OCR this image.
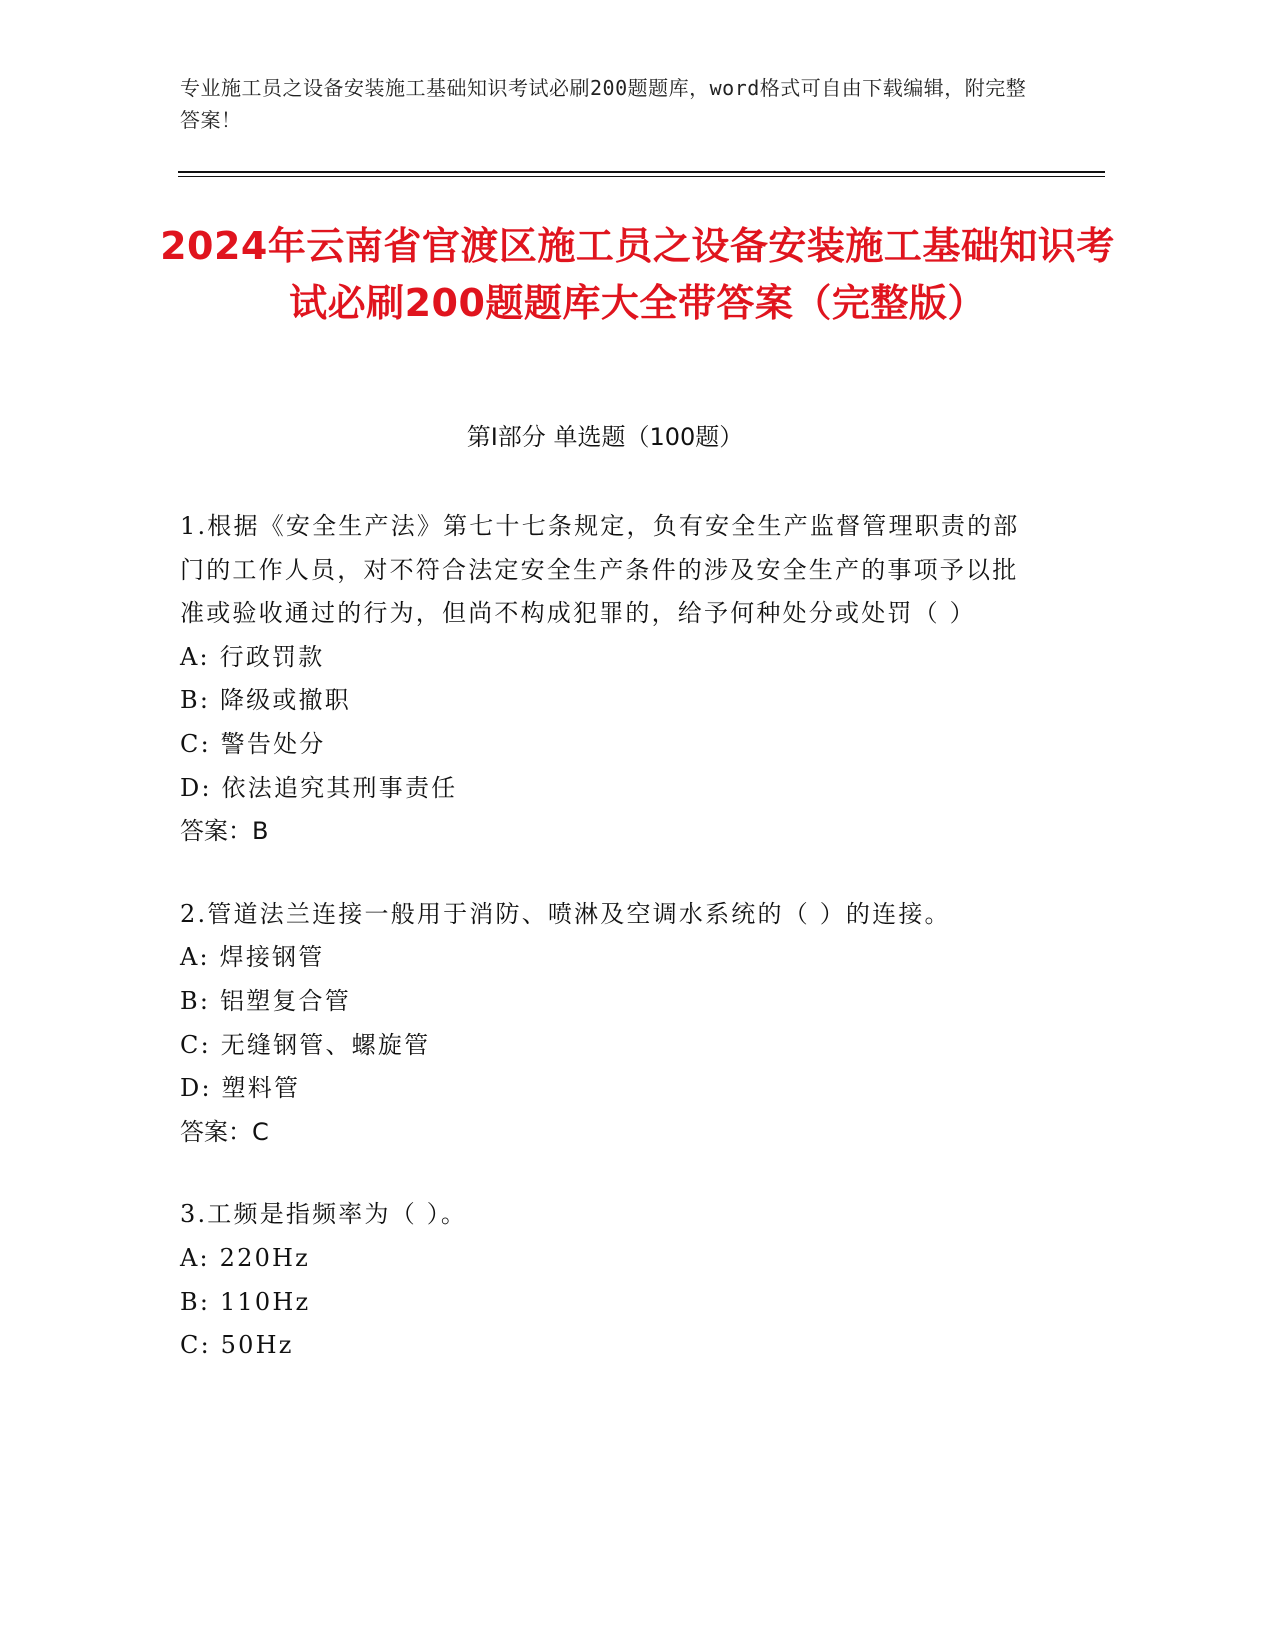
专业施工员之设备安装施工基础知识考试必刷200题题库，word格式可自由下载编辑，附完整答案！
2024年云南省官渡区施工员之设备安装施工基础知识考试必刷200题题库大全带答案（完整版）
第I部分 单选题（100题）
1.根据《安全生产法》第七十七条规定，负有安全生产监督管理职责的部门的工作人员，对不符合法定安全生产条件的涉及安全生产的事项予以批准或验收通过的行为，但尚不构成犯罪的，给予何种处分或处罚（ ）
A: 行政罚款
B: 降级或撤职
C: 警告处分
D: 依法追究其刑事责任
答案：B
2.管道法兰连接一般用于消防、喷淋及空调水系统的（ ）的连接。
A: 焊接钢管
B: 铝塑复合管
C: 无缝钢管、螺旋管
D: 塑料管
答案：C
3.工频是指频率为（ ）。
A: 220Hz
B: 110Hz
C: 50Hz
